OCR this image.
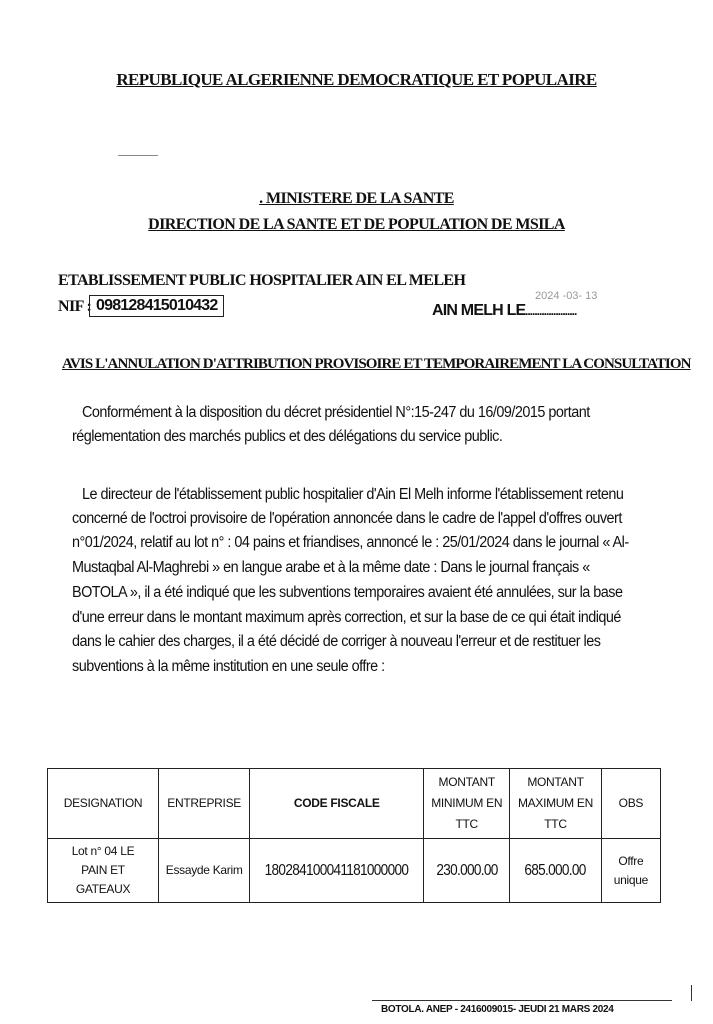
REPUBLIQUE ALGERIENNE DEMOCRATIQUE ET POPULAIRE
. MINISTERE DE LA SANTE
DIRECTION DE LA SANTE ET DE POPULATION DE MSILA
ETABLISSEMENT PUBLIC HOSPITALIER AIN EL MELEH
NIF : 098128415010432	AIN MELH LE ......................
2024 -03- 13
AVIS L'ANNULATION D'ATTRIBUTION PROVISOIRE ET TEMPORAIREMENT LA CONSULTATION
Conformément à la disposition du décret présidentiel N°:15-247 du 16/09/2015 portant
réglementation des marchés publics et des délégations du service public.
Le directeur de l'établissement public hospitalier d'Ain El Melh informe l'établissement retenu
concerné de l'octroi provisoire de l'opération annoncée dans le cadre de l'appel d'offres ouvert
n°01/2024, relatif au lot n° : 04 pains et friandises, annoncé le : 25/01/2024 dans le journal « Al-
Mustaqbal Al-Maghrebi » en langue arabe et à la même date : Dans le journal français «
BOTOLA », il a été indiqué que les subventions temporaires avaient été annulées, sur la base
d'une erreur dans le montant maximum après correction, et sur la base de ce qui était indiqué
dans le cahier des charges, il a été décidé de corriger à nouveau l'erreur et de restituer les
subventions à la même institution en une seule offre :
DESIGNATION	ENTREPRISE	CODE FISCALE	MONTANT MINIMUM EN TTC	MONTANT MAXIMUM EN TTC	OBS
Lot n° 04 LE PAIN ET GATEAUX	Essayde Karim	180284100041181000000	230.000.00	685.000.00	Offre unique
BOTOLA. ANEP - 2416009015- JEUDI 21 MARS 2024
